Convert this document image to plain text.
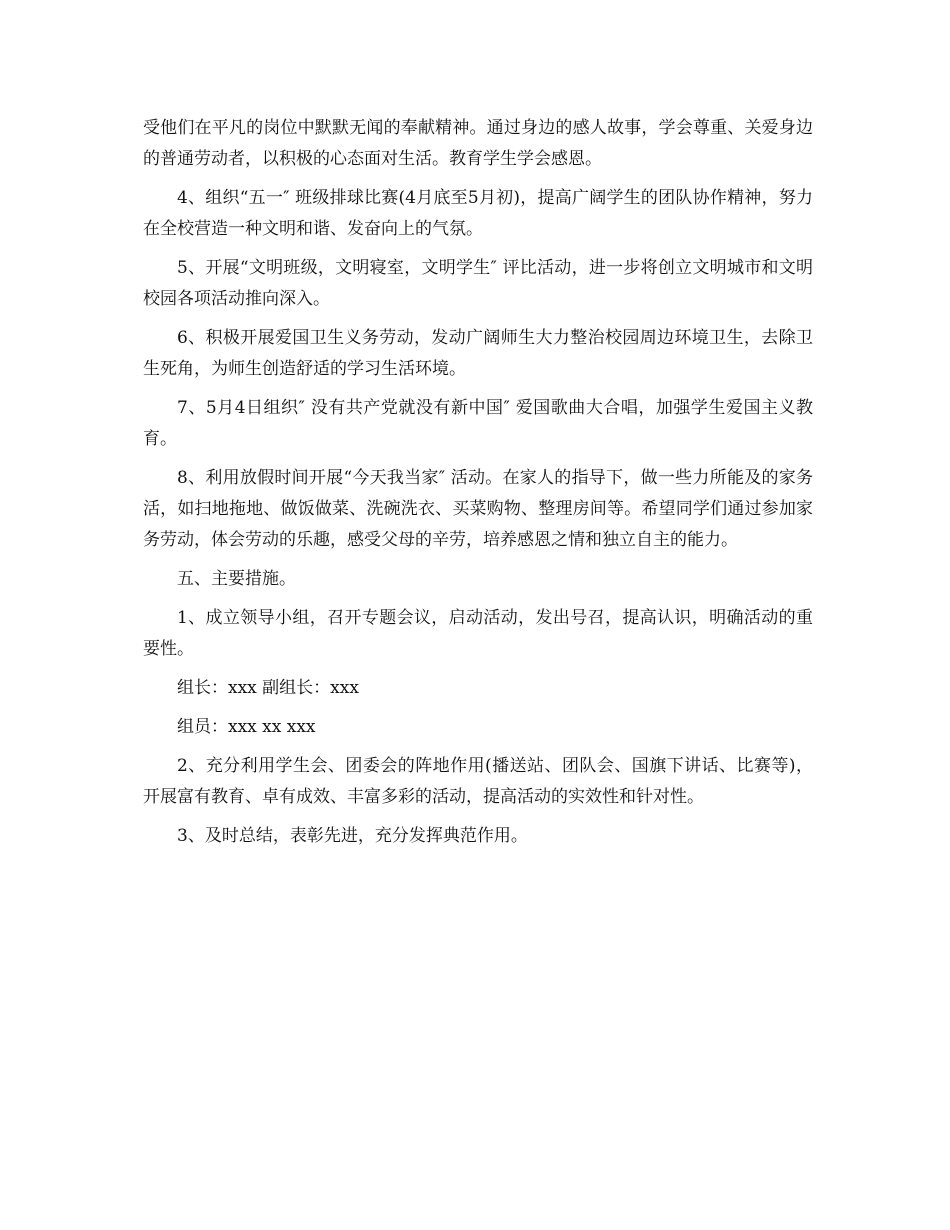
受他们在平凡的岗位中默默无闻的奉献精神。通过身边的感人故事，学会尊重、关爱身边的普通劳动者，以积极的心态面对生活。教育学生学会感恩。

4、组织“五一″ 班级排球比赛(4月底至5月初)，提高广阔学生的团队协作精神，努力在全校营造一种文明和谐、发奋向上的气氛。

5、开展“文明班级，文明寝室，文明学生″ 评比活动，进一步将创立文明城市和文明校园各项活动推向深入。

6、积极开展爱国卫生义务劳动，发动广阔师生大力整治校园周边环境卫生，去除卫生死角，为师生创造舒适的学习生活环境。

7、5月4日组织″ 没有共产党就没有新中国″ 爱国歌曲大合唱，加强学生爱国主义教育。

8、利用放假时间开展“今天我当家″ 活动。在家人的指导下，做一些力所能及的家务活，如扫地拖地、做饭做菜、洗碗洗衣、买菜购物、整理房间等。希望同学们通过参加家务劳动，体会劳动的乐趣，感受父母的辛劳，培养感恩之情和独立自主的能力。

五、主要措施。

1、成立领导小组，召开专题会议，启动活动，发出号召，提高认识，明确活动的重要性。

组长：xxx 副组长：xxx

组员：xxx xx xxx

2、充分利用学生会、团委会的阵地作用(播送站、团队会、国旗下讲话、比赛等)，开展富有教育、卓有成效、丰富多彩的活动，提高活动的实效性和针对性。

3、及时总结，表彰先进，充分发挥典范作用。
